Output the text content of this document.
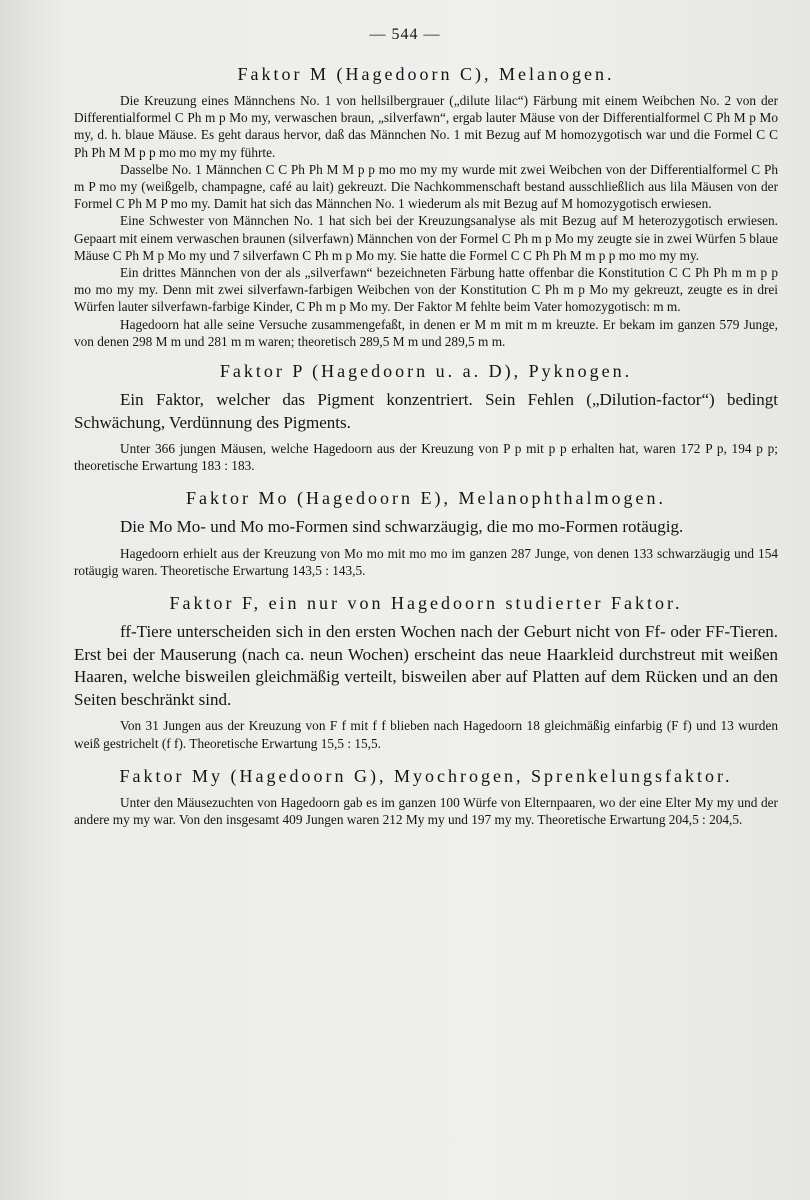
— 544 —
Faktor M (Hagedoorn C), Melanogen.

Die Kreuzung eines Männchens No. 1 von hellsilbergrauer („dilute lilac“) Färbung mit einem Weibchen No. 2 von der Differentialformel C Ph m p Mo my, verwaschen braun, „silverfawn“, ergab lauter Mäuse von der Differentialformel C Ph M p Mo my, d. h. blaue Mäuse. Es geht daraus hervor, daß das Männchen No. 1 mit Bezug auf M homozygotisch war und die Formel C C Ph Ph M M p p mo mo my my führte.

Dasselbe No. 1 Männchen C C Ph Ph M M p p mo mo my my wurde mit zwei Weibchen von der Differentialformel C Ph m P mo my (weißgelb, champagne, café au lait) gekreuzt. Die Nachkommenschaft bestand ausschließlich aus lila Mäusen von der Formel C Ph M P mo my. Damit hat sich das Männchen No. 1 wiederum als mit Bezug auf M homozygotisch erwiesen.

Eine Schwester von Männchen No. 1 hat sich bei der Kreuzungsanalyse als mit Bezug auf M heterozygotisch erwiesen. Gepaart mit einem verwaschen braunen (silverfawn) Männchen von der Formel C Ph m p Mo my zeugte sie in zwei Würfen 5 blaue Mäuse C Ph M p Mo my und 7 silverfawn C Ph m p Mo my. Sie hatte die Formel C C Ph Ph M m p p mo mo my my.

Ein drittes Männchen von der als „silverfawn“ bezeichneten Färbung hatte offenbar die Konstitution C C Ph Ph m m p p mo mo my my. Denn mit zwei silverfawn-farbigen Weibchen von der Konstitution C Ph m p Mo my gekreuzt, zeugte es in drei Würfen lauter silverfawn-farbige Kinder, C Ph m p Mo my. Der Faktor M fehlte beim Vater homozygotisch: m m.

Hagedoorn hat alle seine Versuche zusammengefaßt, in denen er M m mit m m kreuzte. Er bekam im ganzen 579 Junge, von denen 298 M m und 281 m m waren; theoretisch 289,5 M m und 289,5 m m.

Faktor P (Hagedoorn u. a. D), Pyknogen.

Ein Faktor, welcher das Pigment konzentriert. Sein Fehlen („Dilution-factor“) bedingt Schwächung, Verdünnung des Pigments.

Unter 366 jungen Mäusen, welche Hagedoorn aus der Kreuzung von P p mit p p erhalten hat, waren 172 P p, 194 p p; theoretische Erwartung 183 : 183.

Faktor Mo (Hagedoorn E), Melanophthalmogen.

Die Mo Mo- und Mo mo-Formen sind schwarzäugig, die mo mo-Formen rotäugig.

Hagedoorn erhielt aus der Kreuzung von Mo mo mit mo mo im ganzen 287 Junge, von denen 133 schwarzäugig und 154 rotäugig waren. Theoretische Erwartung 143,5 : 143,5.

Faktor F, ein nur von Hagedoorn studierter Faktor.

ff-Tiere unterscheiden sich in den ersten Wochen nach der Geburt nicht von Ff- oder FF-Tieren. Erst bei der Mauserung (nach ca. neun Wochen) erscheint das neue Haarkleid durchstreut mit weißen Haaren, welche bisweilen gleichmäßig verteilt, bisweilen aber auf Platten auf dem Rücken und an den Seiten beschränkt sind.

Von 31 Jungen aus der Kreuzung von F f mit f f blieben nach Hagedoorn 18 gleichmäßig einfarbig (F f) und 13 wurden weiß gestrichelt (f f). Theoretische Erwartung 15,5 : 15,5.

Faktor My (Hagedoorn G), Myochrogen, Sprenkelungsfaktor.

Unter den Mäusezuchten von Hagedoorn gab es im ganzen 100 Würfe von Elternpaaren, wo der eine Elter My my und der andere my my war. Von den insgesamt 409 Jungen waren 212 My my und 197 my my. Theoretische Erwartung 204,5 : 204,5.
